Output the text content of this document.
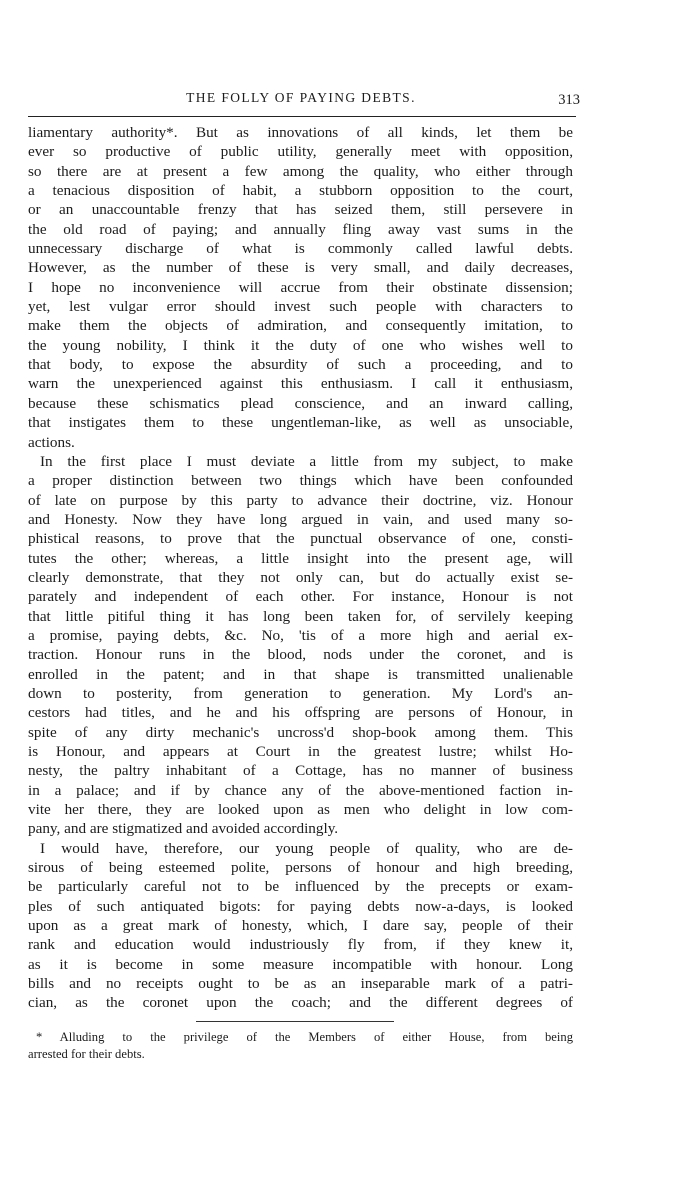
THE FOLLY OF PAYING DEBTS.	313
liamentary authority*. But as innovations of all kinds, let them be
ever so productive of public utility, generally meet with opposition,
so there are at present a few among the quality, who either through
a tenacious disposition of habit, a stubborn opposition to the court,
or an unaccountable frenzy that has seized them, still persevere in
the old road of paying; and annually fling away vast sums in the
unnecessary discharge of what is commonly called lawful debts.
However, as the number of these is very small, and daily decreases,
I hope no inconvenience will accrue from their obstinate dissension;
yet, lest vulgar error should invest such people with characters to
make them the objects of admiration, and consequently imitation, to
the young nobility, I think it the duty of one who wishes well to
that body, to expose the absurdity of such a proceeding, and to
warn the unexperienced against this enthusiasm. I call it enthusiasm,
because these schismatics plead conscience, and an inward calling,
that instigates them to these ungentleman-like, as well as unsociable,
actions.
In the first place I must deviate a little from my subject, to make
a proper distinction between two things which have been confounded
of late on purpose by this party to advance their doctrine, viz. Honour
and Honesty. Now they have long argued in vain, and used many so-
phistical reasons, to prove that the punctual observance of one, consti-
tutes the other; whereas, a little insight into the present age, will
clearly demonstrate, that they not only can, but do actually exist se-
parately and independent of each other. For instance, Honour is not
that little pitiful thing it has long been taken for, of servilely keeping
a promise, paying debts, &c. No, 'tis of a more high and aerial ex-
traction. Honour runs in the blood, nods under the coronet, and is
enrolled in the patent; and in that shape is transmitted unalienable
down to posterity, from generation to generation. My Lord's an-
cestors had titles, and he and his offspring are persons of Honour, in
spite of any dirty mechanic's uncross'd shop-book among them. This
is Honour, and appears at Court in the greatest lustre; whilst Ho-
nesty, the paltry inhabitant of a Cottage, has no manner of business
in a palace; and if by chance any of the above-mentioned faction in-
vite her there, they are looked upon as men who delight in low com-
pany, and are stigmatized and avoided accordingly.
I would have, therefore, our young people of quality, who are de-
sirous of being esteemed polite, persons of honour and high breeding,
be particularly careful not to be influenced by the precepts or exam-
ples of such antiquated bigots: for paying debts now-a-days, is looked
upon as a great mark of honesty, which, I dare say, people of their
rank and education would industriously fly from, if they knew it,
as it is become in some measure incompatible with honour. Long
bills and no receipts ought to be as an inseparable mark of a patri-
cian, as the coronet upon the coach; and the different degrees of
* Alluding to the privilege of the Members of either House, from being
arrested for their debts.
